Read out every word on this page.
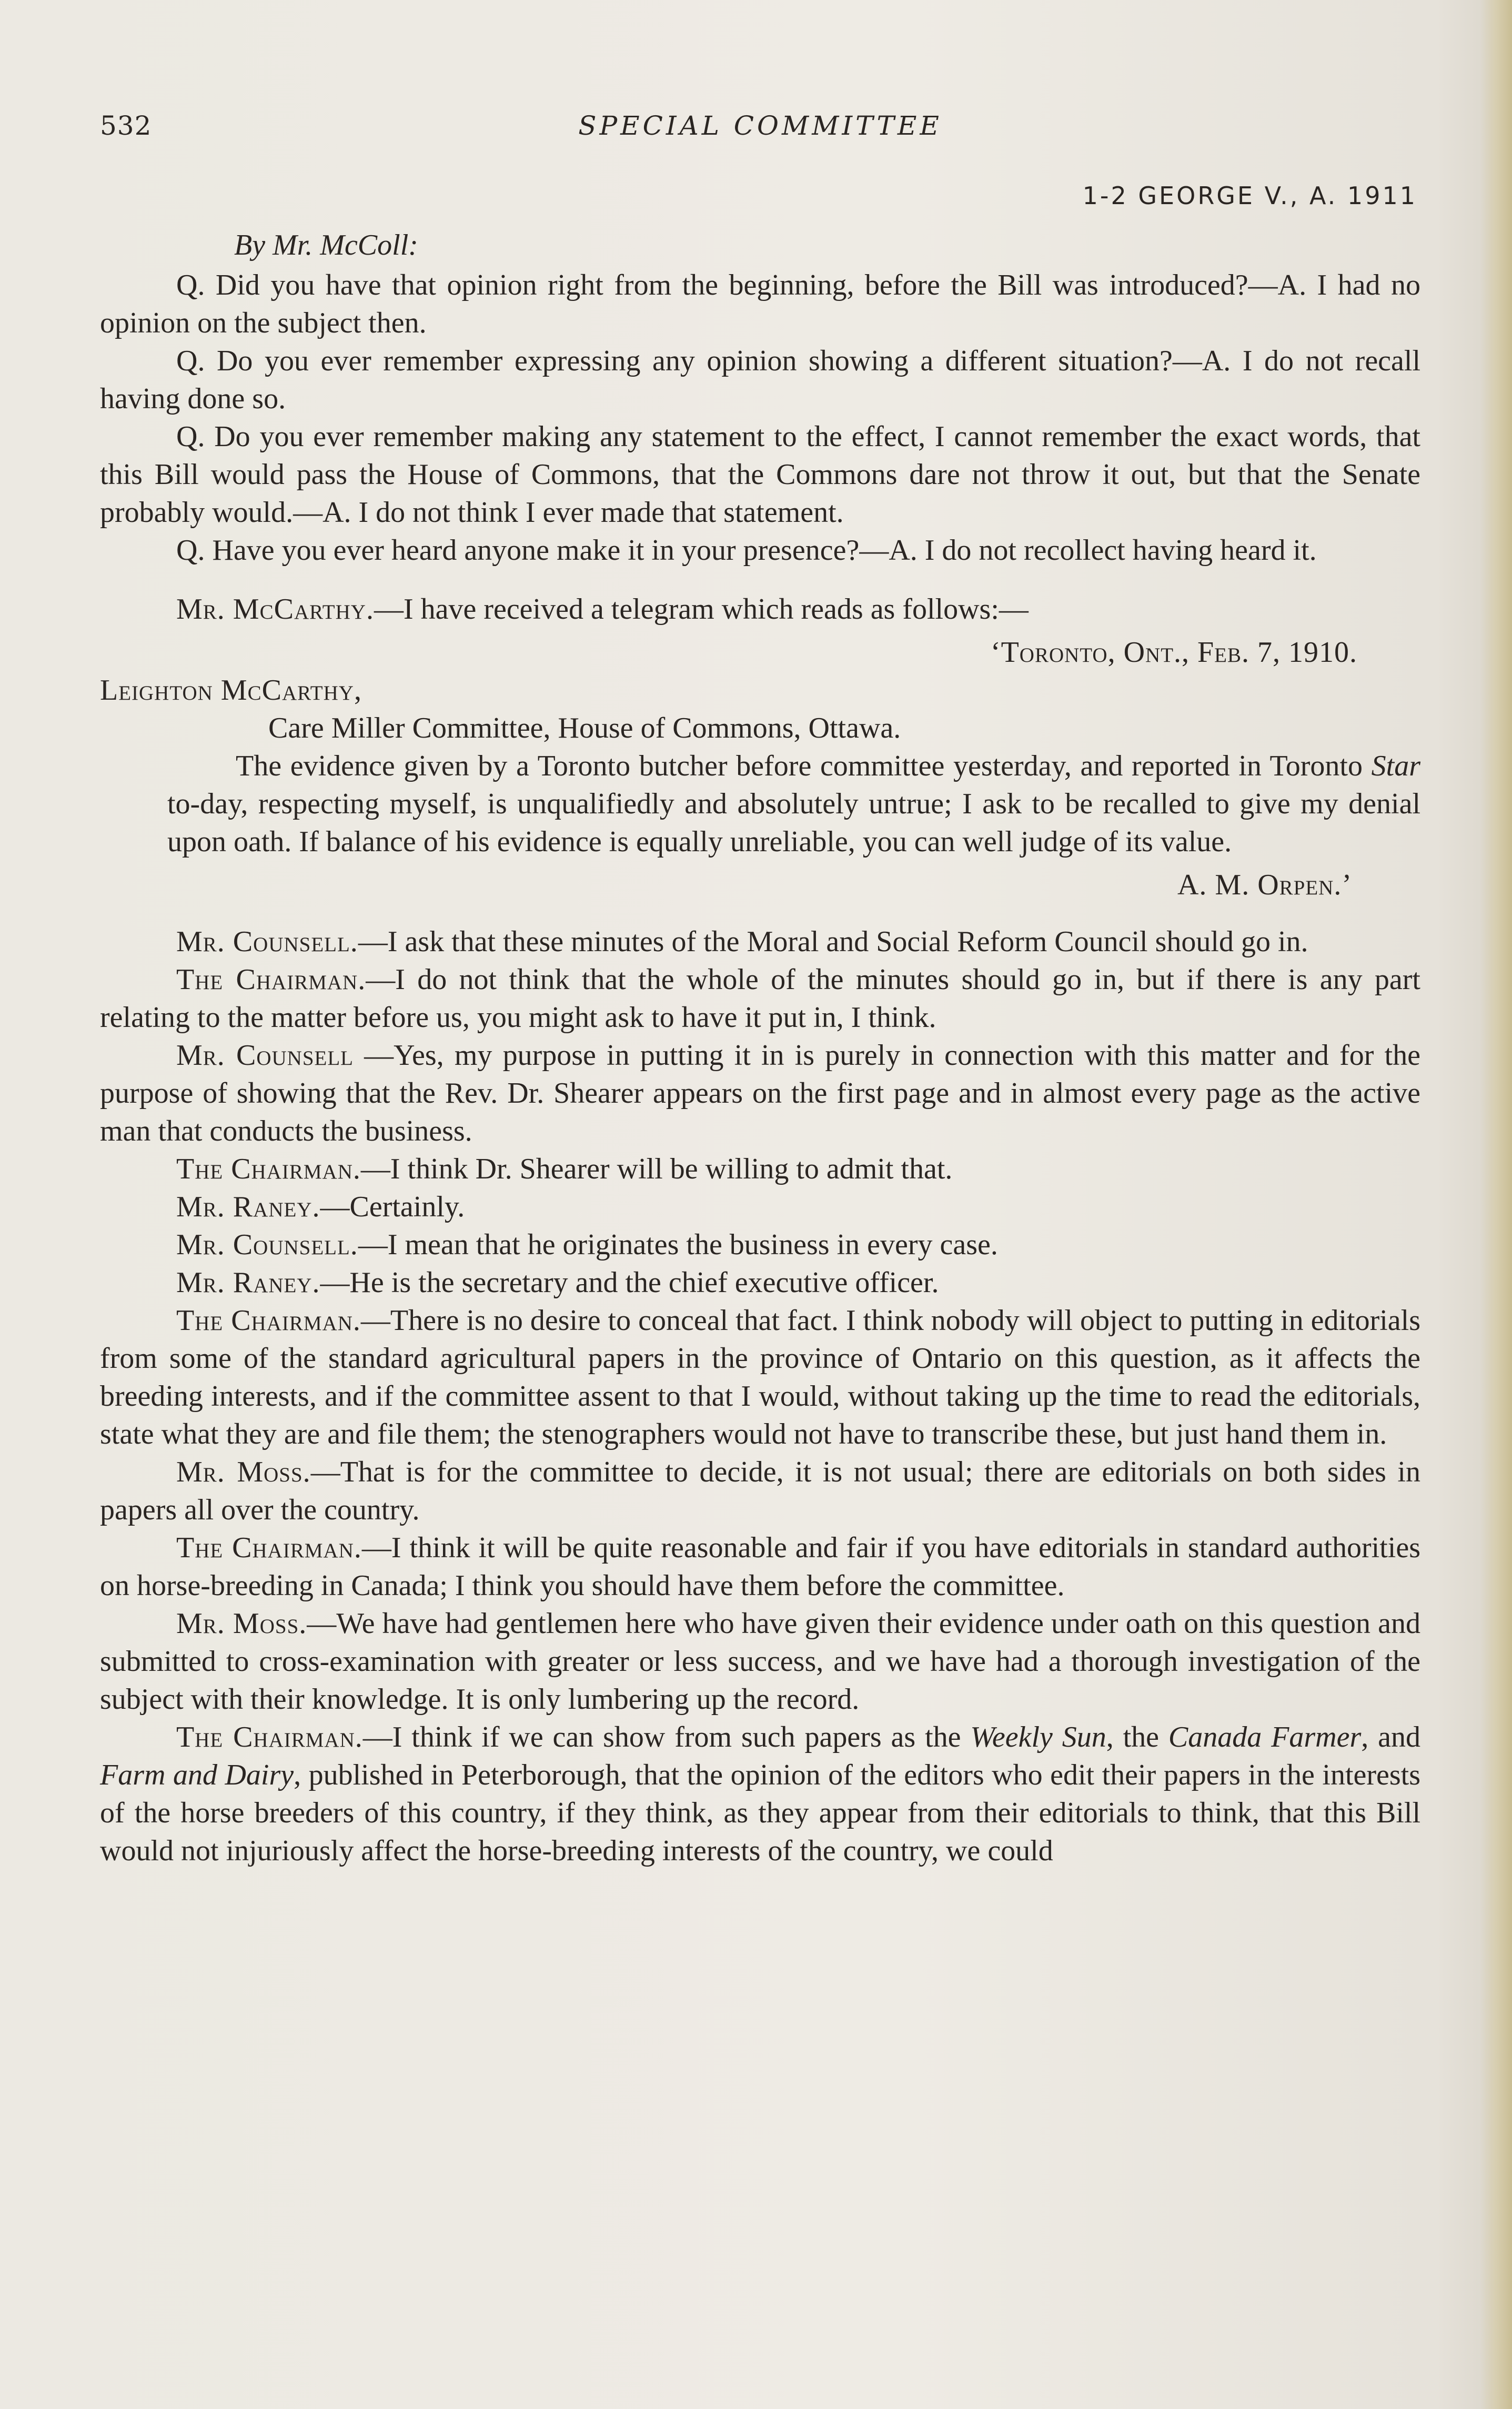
532	SPECIAL COMMITTEE
1-2 GEORGE V., A. 1911

By Mr. McColl:

Q. Did you have that opinion right from the beginning, before the Bill was introduced?—A. I had no opinion on the subject then.

Q. Do you ever remember expressing any opinion showing a different situation?—A. I do not recall having done so.

Q. Do you ever remember making any statement to the effect, I cannot remember the exact words, that this Bill would pass the House of Commons, that the Commons dare not throw it out, but that the Senate probably would.—A. I do not think I ever made that statement.

Q. Have you ever heard anyone make it in your presence?—A. I do not recollect having heard it.

Mr. McCarthy.—I have received a telegram which reads as follows:—

‘Toronto, Ont., Feb. 7, 1910.

Leighton McCarthy,

Care Miller Committee, House of Commons, Ottawa.

The evidence given by a Toronto butcher before committee yesterday, and reported in Toronto Star to-day, respecting myself, is unqualifiedly and absolutely untrue; I ask to be recalled to give my denial upon oath. If balance of his evidence is equally unreliable, you can well judge of its value.

A. M. Orpen.’

Mr. Counsell.—I ask that these minutes of the Moral and Social Reform Council should go in.

The Chairman.—I do not think that the whole of the minutes should go in, but if there is any part relating to the matter before us, you might ask to have it put in, I think.

Mr. Counsell —Yes, my purpose in putting it in is purely in connection with this matter and for the purpose of showing that the Rev. Dr. Shearer appears on the first page and in almost every page as the active man that conducts the business.

The Chairman.—I think Dr. Shearer will be willing to admit that.

Mr. Raney.—Certainly.

Mr. Counsell.—I mean that he originates the business in every case.

Mr. Raney.—He is the secretary and the chief executive officer.

The Chairman.—There is no desire to conceal that fact. I think nobody will object to putting in editorials from some of the standard agricultural papers in the province of Ontario on this question, as it affects the breeding interests, and if the committee assent to that I would, without taking up the time to read the editorials, state what they are and file them; the stenographers would not have to transcribe these, but just hand them in.

Mr. Moss.—That is for the committee to decide, it is not usual; there are editorials on both sides in papers all over the country.

The Chairman.—I think it will be quite reasonable and fair if you have editorials in standard authorities on horse-breeding in Canada; I think you should have them before the committee.

Mr. Moss.—We have had gentlemen here who have given their evidence under oath on this question and submitted to cross-examination with greater or less success, and we have had a thorough investigation of the subject with their knowledge. It is only lumbering up the record.

The Chairman.—I think if we can show from such papers as the Weekly Sun, the Canada Farmer, and Farm and Dairy, published in Peterborough, that the opinion of the editors who edit their papers in the interests of the horse breeders of this country, if they think, as they appear from their editorials to think, that this Bill would not injuriously affect the horse-breeding interests of the country, we could
